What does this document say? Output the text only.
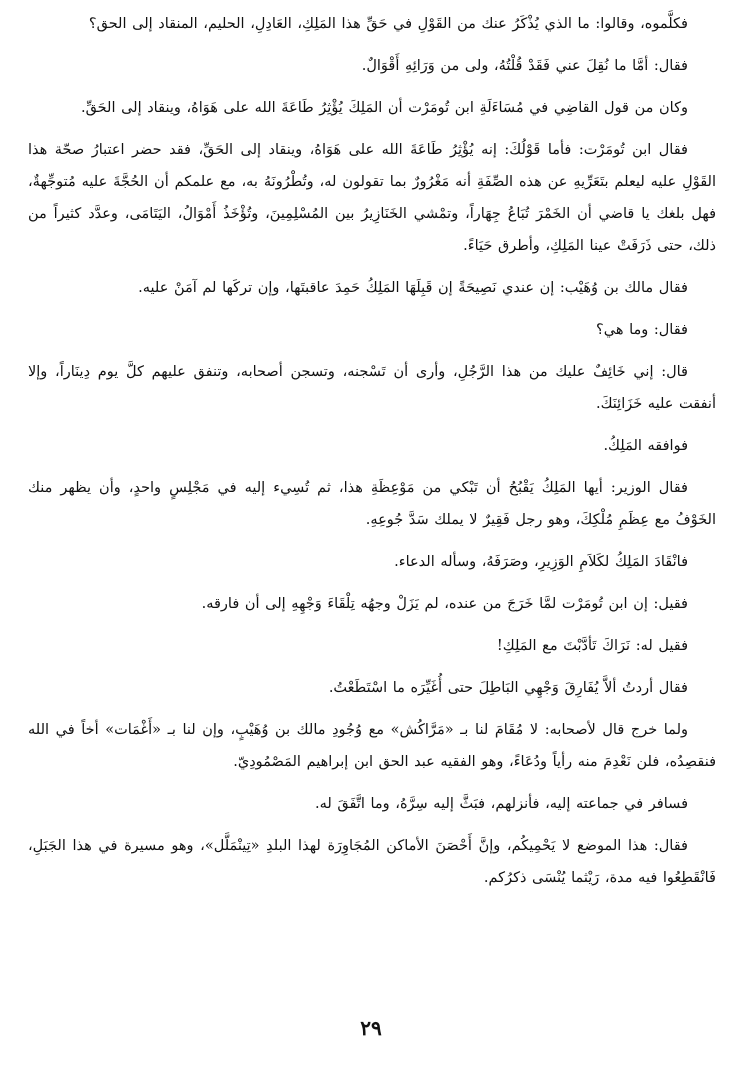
فكلَّموه، وقالوا: ما الذي يُذْكَرُ عنك من القَوْلِ في حَقِّ هذا المَلِكِ، العَادِلِ، الحليم، المنقاد إلى الحق؟

فقال: أمَّا ما نُقِلَ عني فَقَدْ قُلْتُهُ، ولى من وَرَائِهِ أَقْوَالٌ.

وكان من قول القاضِي في مُسَاءَلَةِ ابن تُومَرْت أن المَلِكَ يُؤْثِرُ طَاعَةَ الله على هَوَاهُ، وينقاد إلى الحَقِّ.

فقال ابن تُومَرْت: فأما قَوْلُكَ: إنه يُؤْثِرُ طَاعَةَ الله على هَوَاهُ، وينقاد إلى الحَقِّ، فقد حضر اعتبارُ صحّة هذا القَوْلِ عليه ليعلم بتَعَرِّيهِ عن هذه الصِّفَةِ أنه مَغْرُورٌ بما تقولون له، وتُطْرُونَهُ به، مع علمكم أن الحُجَّةَ عليه مُتوجِّهةٌ، فهل بلغك يا قاضي أن الخَمْرَ تُبَاعُ جِهَاراً، وتمْشي الخَنَازِيرُ بين المُسْلِمِينَ، وتُؤْخَذُ أَمْوَالُ، اليَتَامَى، وعدَّد كثيراً من ذلك، حتى ذَرَفَتْ عينا المَلِكِ، وأطرق حَيَاءً.

فقال مالك بن وُهَيْب: إن عندي نَصِيحَةً إن قَبِلَهَا المَلِكُ حَمِدَ عاقبتَها، وإن تركَها لم آمَنْ عليه.

فقال: وما هي؟

قال: إني خَائِفٌ عليك من هذا الرَّجُلِ، وأرى أن تَسْجنه، وتسجن أصحابه، وتنفق عليهم كلَّ يوم دِينَاراً، وإلا أنفقت عليه خَزَائِنَكَ.

فوافقه المَلِكُ.

فقال الوزير: أيها المَلِكُ يَقْبُحُ أن تَبْكي من مَوْعِظَةِ هذا، ثم تُسِيء إليه في مَجْلِسٍ واحدٍ، وأن يظهر منك الخَوْفُ مع عِظَمِ مُلْكِكَ، وهو رجل فَقِيرٌ لا يملك سَدَّ جُوعِهِ.

فانْقَادَ المَلِكُ لكَلاَمِ الوَزِيرِ، وصَرَفَهُ، وسأله الدعاء.

فقيل: إن ابن تُومَرْت لمَّا خَرَجَ من عنده، لم يَزَلْ وجهُه تِلْقَاءَ وَجْهِهِ إلى أن فارقه.

فقيل له: نَرَاكَ تَأدَّبْتَ مع المَلِكِ!

فقال أردتُ ألاَّ يُفَارِقَ وَجْهِي البَاطِلَ حتى أُغَيِّرَه ما اسْتَطَعْتُ.

ولما خرج قال لأصحابه: لا مُقَامَ لنا بـ «مَرَّاكُش» مع وُجُودِ مالك بن وُهَيْبٍ، وإن لنا بـ «أَغْمَات» أخاً في الله فنقصِدُه، فلن نَعْدِمَ منه رأياً ودُعَاءً، وهو الفقيه عبد الحق ابن إبراهيم المَصْمُودِيّ.

فسافر في جماعته إليه، فأنزلهم، فبَثَّ إليه سِرَّهُ، وما اتَّفَقَ له.

فقال: هذا الموضع لا يَحْمِيكُم، وإنَّ أَحْصَنَ الأماكن المُجَاوِرَة لهذا البلدِ «تِينْمَلَّل»، وهو مسيرة في هذا الجَبَلِ، فَانْقَطِعُوا فيه مدة، رَيْثما يُنْسَى ذكرُكم.

٢٩
